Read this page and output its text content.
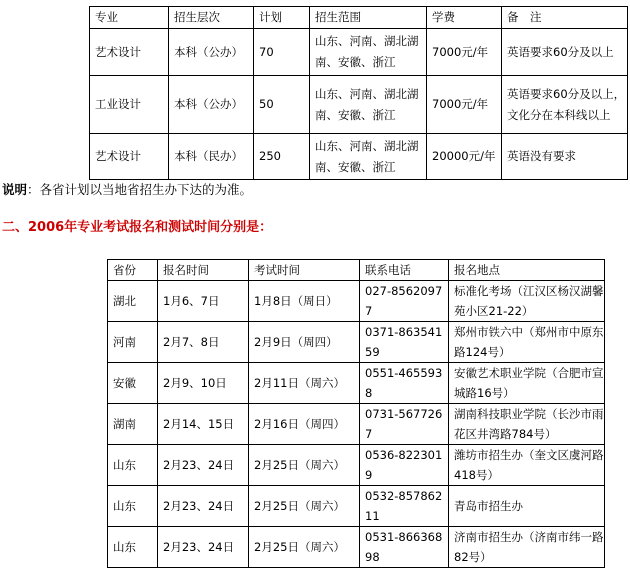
专业	招生层次	计划	招生范围	学费	备　注
艺术设计	本科（公办）	70	山东、河南、湖北湖南、安徽、浙江	7000元/年	英语要求60分及以上
工业设计	本科（公办）	50	山东、河南、湖北湖南、安徽、浙江	7000元/年	英语要求60分及以上，文化分在本科线以上
艺术设计	本科（民办）	250	山东、河南、湖北湖南、安徽、浙江	20000元/年	英语没有要求
说明：各省计划以当地省招生办下达的为准。
二、2006年专业考试报名和测试时间分别是：
省份	报名时间	考试时间	联系电话	报名地点
湖北	1月6、7日	1月8日（周日）	027-85620977	标准化考场（江汉区杨汉湖馨苑小区21-22）
河南	2月7、8日	2月9日（周四）	0371-86354159	郑州市铁六中（郑州市中原东路124号）
安徽	2月9、10日	2月11日（周六）	0551-4655938	安徽艺术职业学院（合肥市宣城路16号）
湖南	2月14、15日	2月16日（周四）	0731-5677267	湖南科技职业学院（长沙市雨花区井湾路784号）
山东	2月23、24日	2月25日（周六）	0536-8223019	潍坊市招生办（奎文区虞河路418号）
山东	2月23、24日	2月25日（周六）	0532-85786211	青岛市招生办
山东	2月23、24日	2月25日（周六）	0531-86636898	济南市招生办（济南市纬一路82号）
